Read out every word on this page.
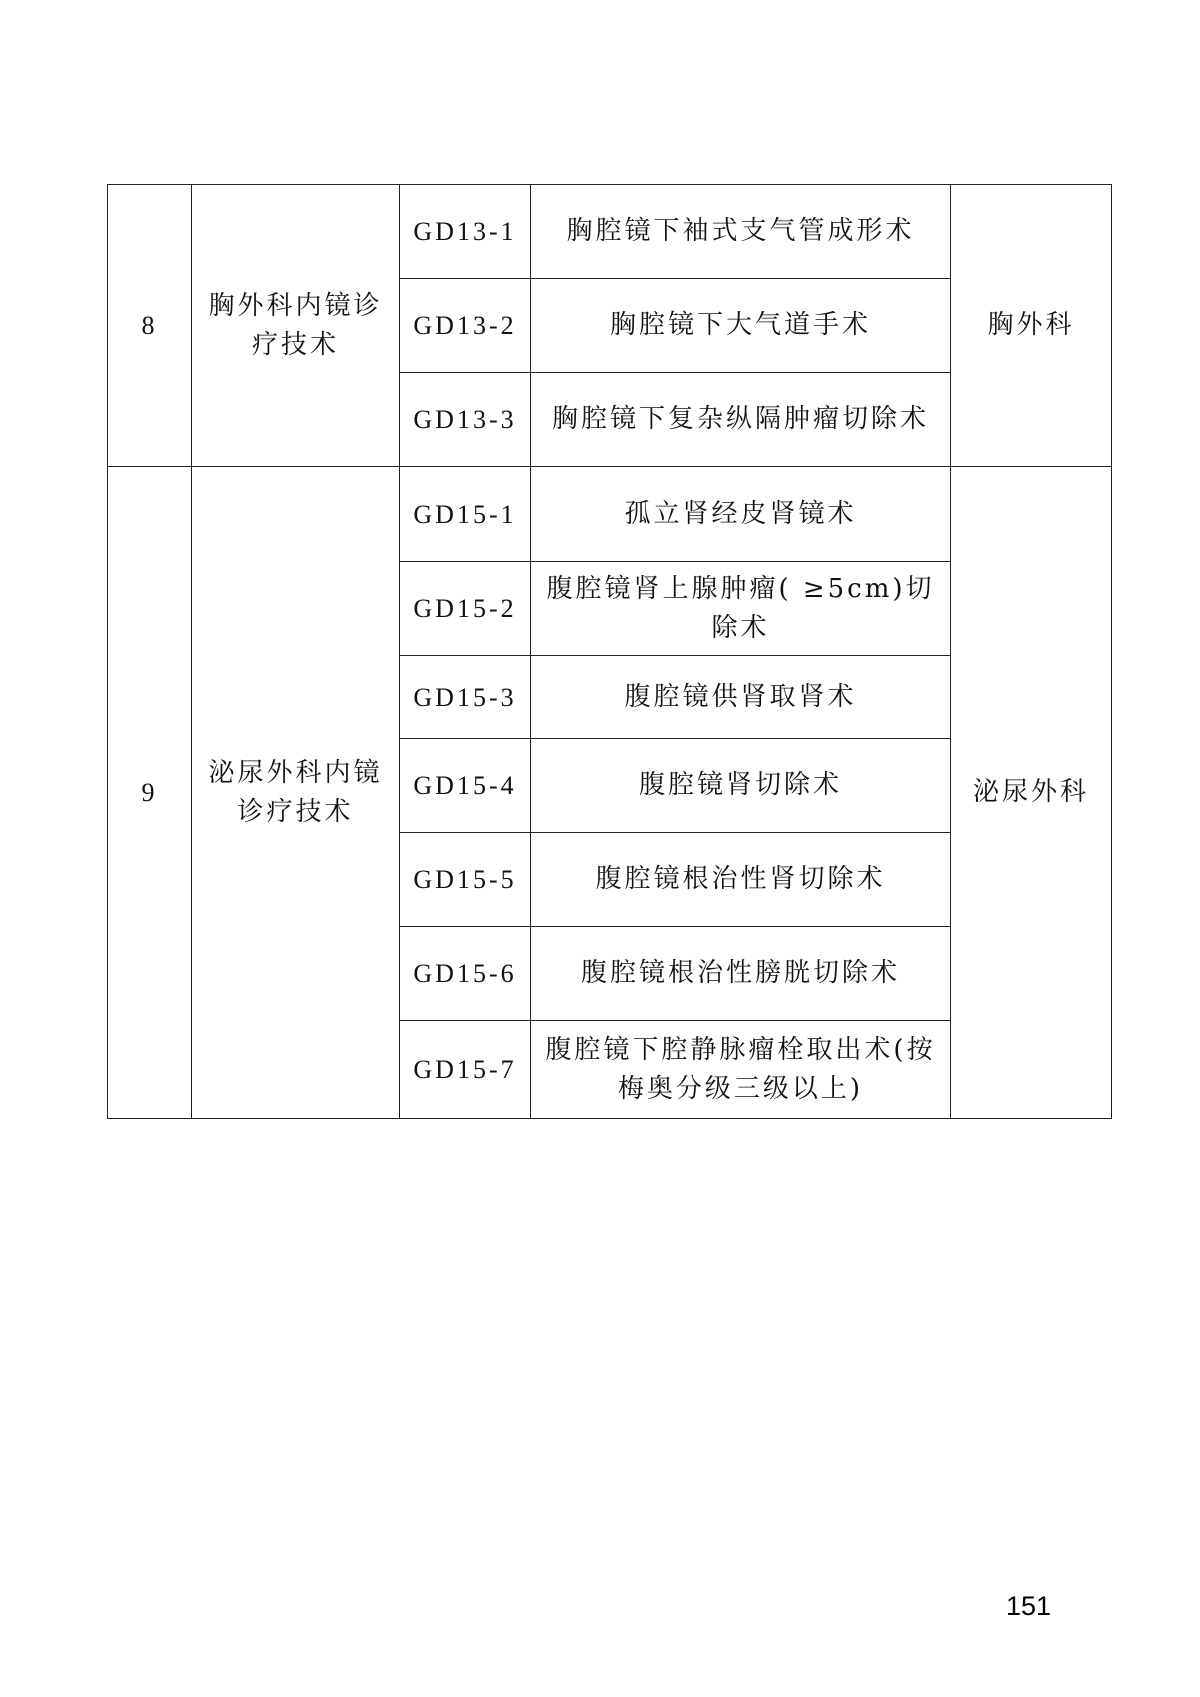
8	胸外科内镜诊疗技术	GD13-1	胸腔镜下袖式支气管成形术	胸外科
		GD13-2	胸腔镜下大气道手术	
		GD13-3	胸腔镜下复杂纵隔肿瘤切除术	
9	泌尿外科内镜诊疗技术	GD15-1	孤立肾经皮肾镜术	泌尿外科
		GD15-2	腹腔镜肾上腺肿瘤( ≥5cm)切除术	
		GD15-3	腹腔镜供肾取肾术	
		GD15-4	腹腔镜肾切除术	
		GD15-5	腹腔镜根治性肾切除术	
		GD15-6	腹腔镜根治性膀胱切除术	
		GD15-7	腹腔镜下腔静脉瘤栓取出术(按梅奥分级三级以上)	
151
